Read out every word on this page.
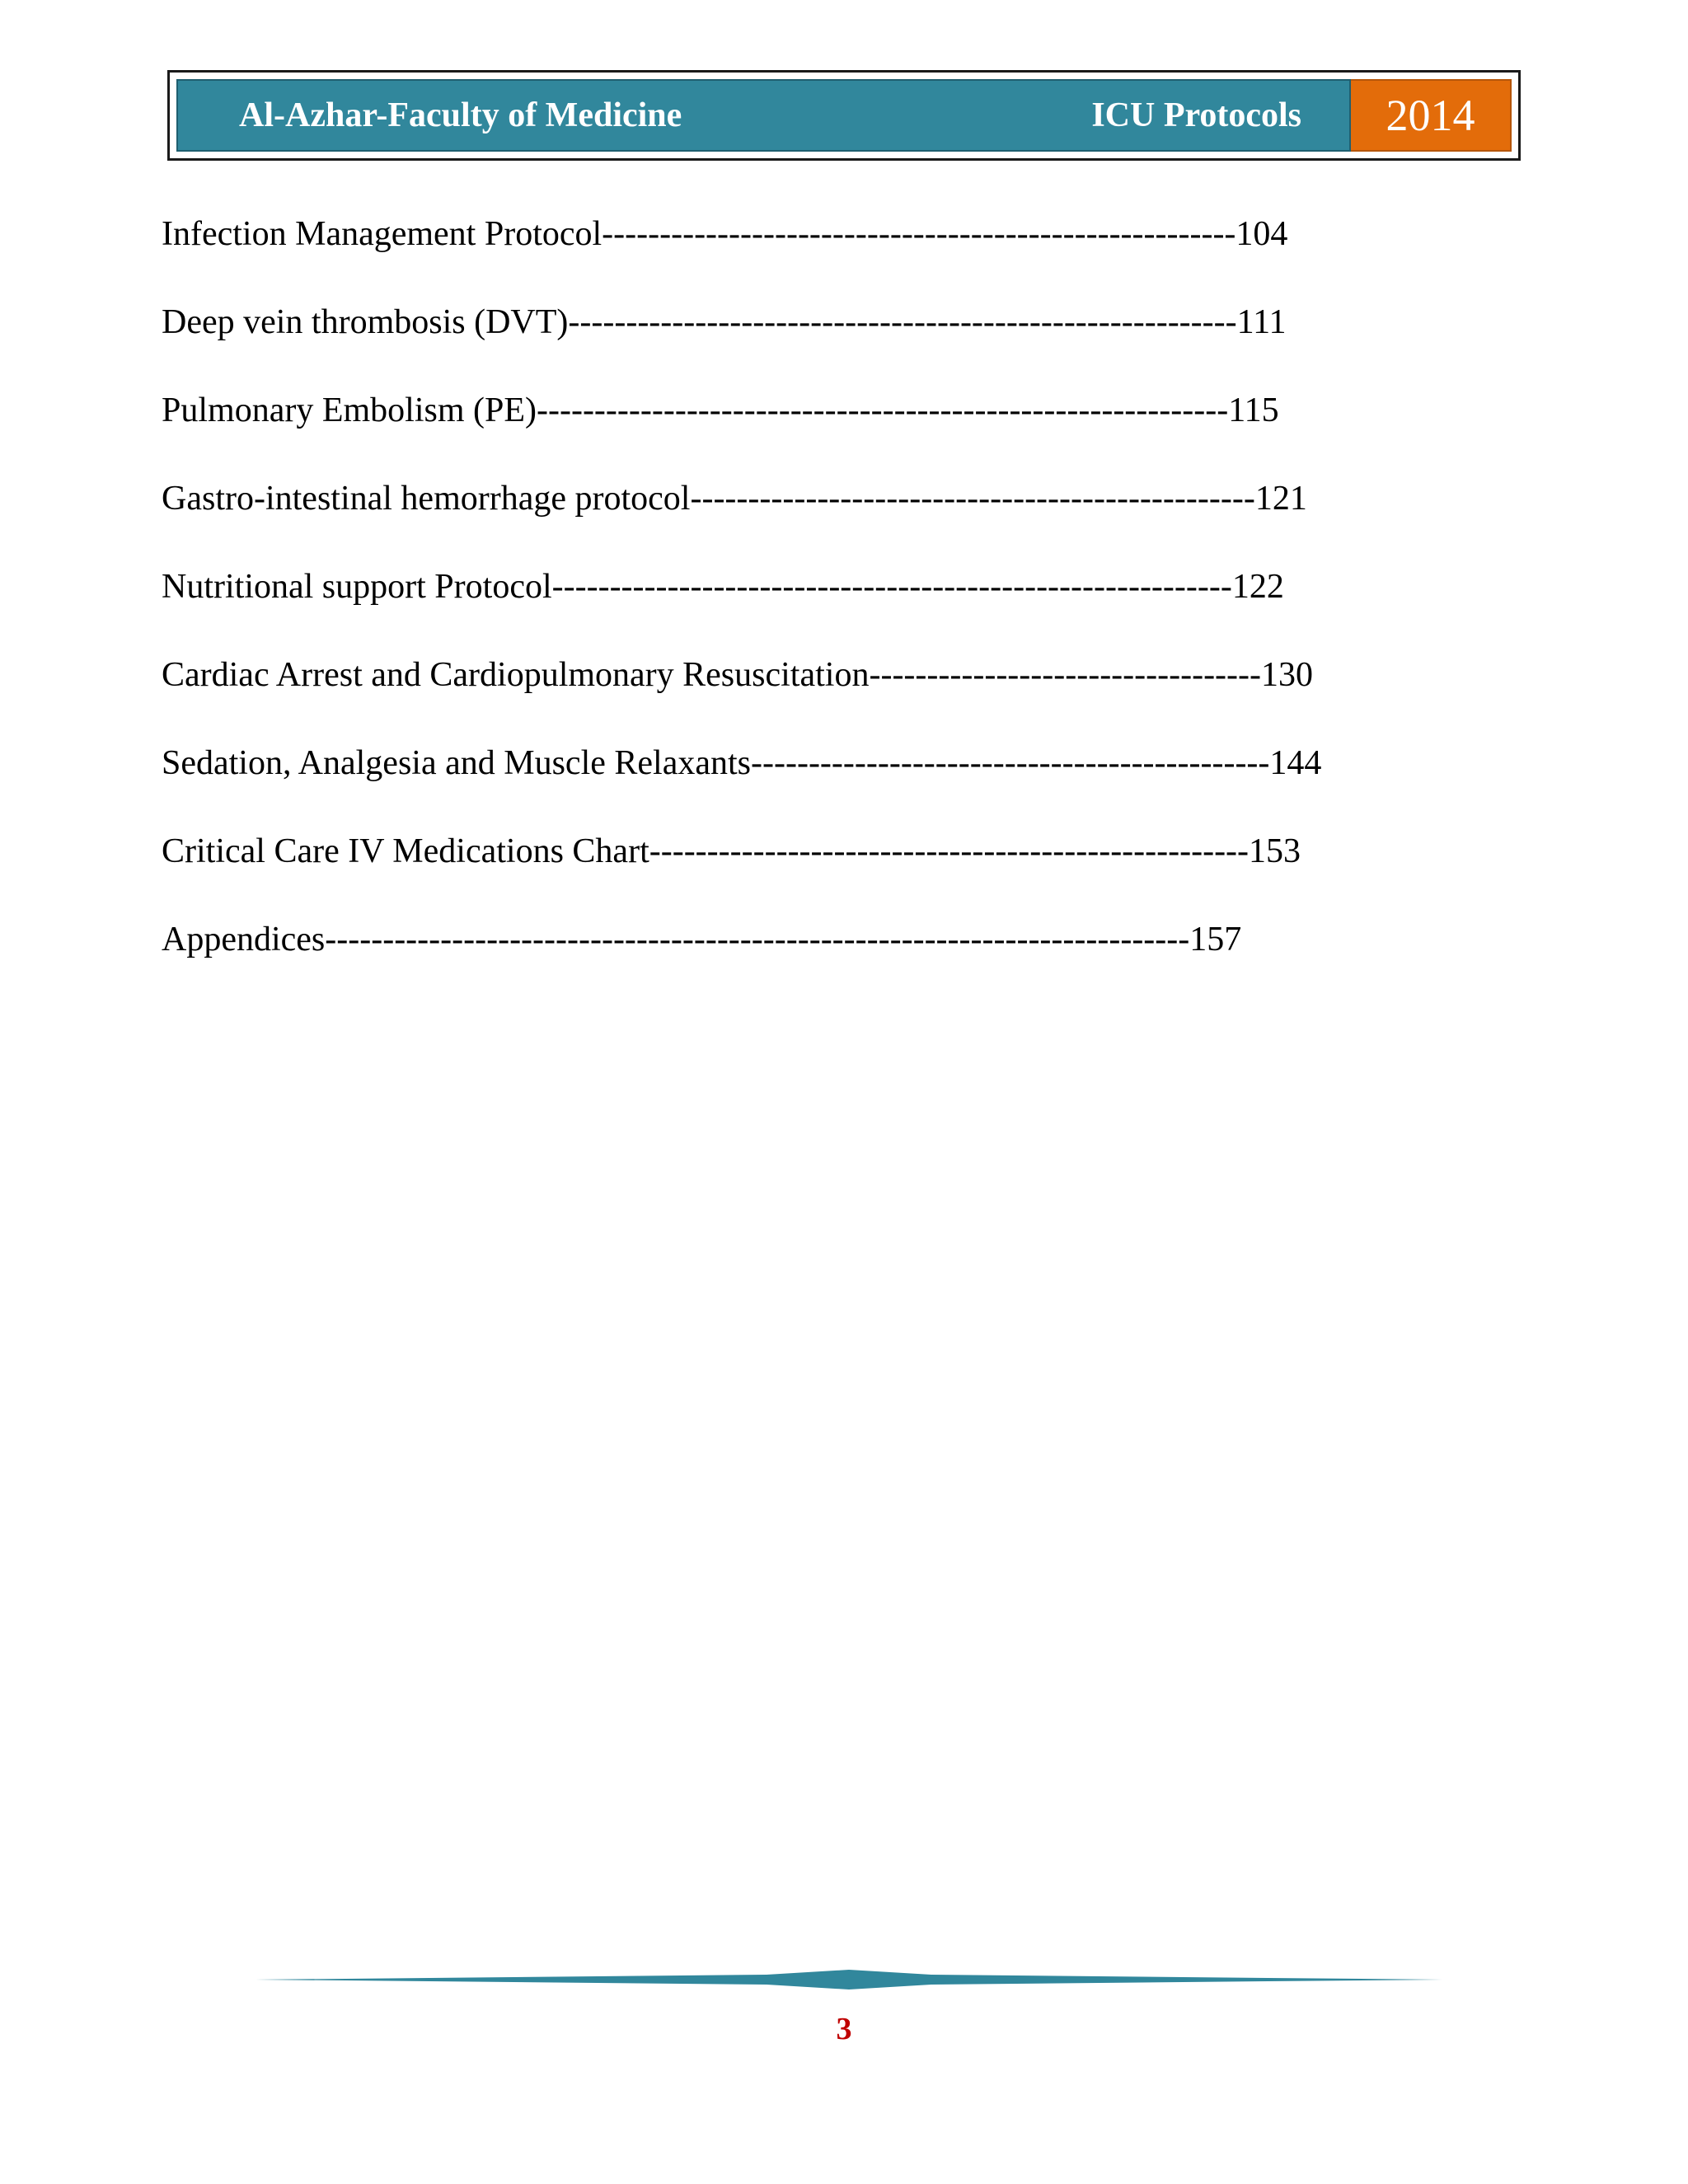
Al-Azhar-Faculty of Medicine	ICU Protocols	2014
Infection Management Protocol ------------------------------------------------------- 104
Deep vein thrombosis (DVT) ---------------------------------------------------------- 111
Pulmonary Embolism (PE) ------------------------------------------------------------ 115
Gastro-intestinal hemorrhage protocol ------------------------------------------------- 121
Nutritional support Protocol ----------------------------------------------------------- 122
Cardiac Arrest and Cardiopulmonary Resuscitation ---------------------------------- 130
Sedation, Analgesia and Muscle Relaxants --------------------------------------------- 144
Critical Care IV Medications Chart ---------------------------------------------------- 153
Appendices --------------------------------------------------------------------------- 157
3
